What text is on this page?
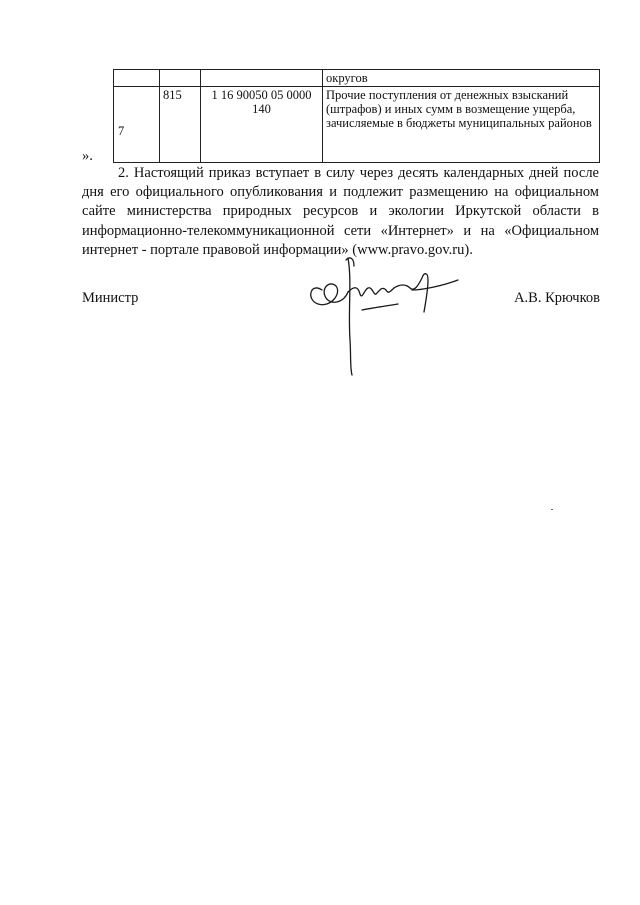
			округов
7	815	1 16 90050 05 0000 140	Прочие поступления от денежных взысканий (штрафов) и иных сумм в возмещение ущерба, зачисляемые в бюджеты муниципальных районов
».

2. Настоящий приказ вступает в силу через десять календарных дней после дня его официального опубликования и подлежит размещению на официальном сайте министерства природных ресурсов и экологии Иркутской области в информационно-телекоммуникационной сети «Интернет» и на «Официальном интернет - портале правовой информации» (www.pravo.gov.ru).

Министр	А.В. Крючков
